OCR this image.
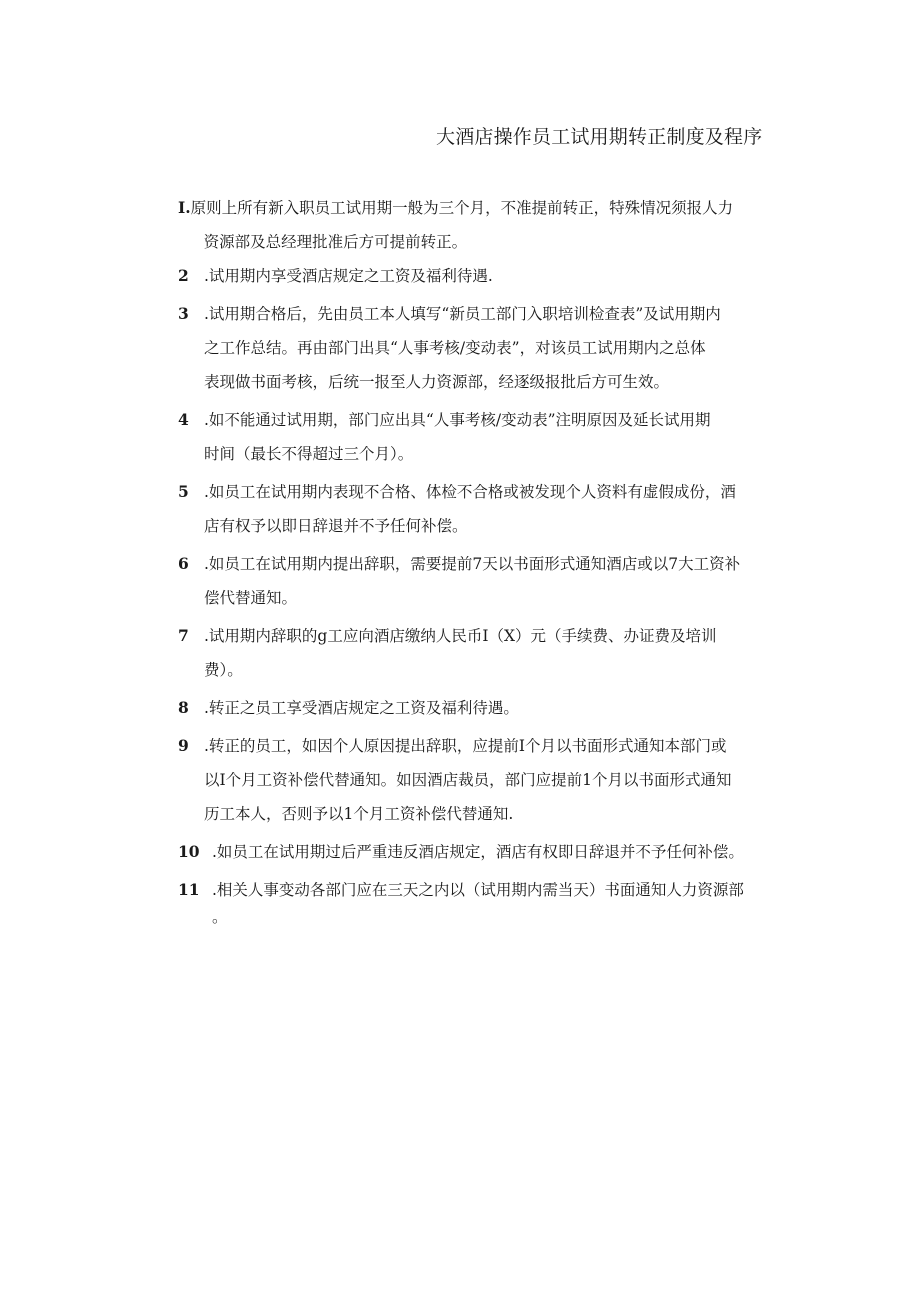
大酒店操作员工试用期转正制度及程序
I. 原则上所有新入职员工试用期一般为三个月，不准提前转正，特殊情况须报人力
资源部及总经理批准后方可提前转正。
2 .试用期内享受酒店规定之工资及福利待遇.
3 .试用期合格后，先由员工本人填写“新员工部门入职培训检查表”及试用期内
之工作总结。再由部门出具“人事考核/变动表”，对该员工试用期内之总体
表现做书面考核，后统一报至人力资源部，经逐级报批后方可生效。
4 .如不能通过试用期，部门应出具“人事考核/变动表”注明原因及延长试用期
时间（最长不得超过三个月）。
5 .如员工在试用期内表现不合格、体检不合格或被发现个人资料有虚假成份，酒
店有权予以即日辞退并不予任何补偿。
6 .如员工在试用期内提出辞职，需要提前7天以书面形式通知酒店或以7大工资补
偿代替通知。
7 .试用期内辞职的g工应向酒店缴纳人民币I（X）元（手续费、办证费及培训
费）。
8 .转正之员工享受酒店规定之工资及福利待遇。
9 .转正的员工，如因个人原因提出辞职，应提前I个月以书面形式通知本部门或
以I个月工资补偿代替通知。如因酒店裁员，部门应提前1个月以书面形式通知
历工本人，否则予以1个月工资补偿代替通知.
10 .如员工在试用期过后严重违反酒店规定，酒店有权即日辞退并不予任何补偿。
11 .相关人事变动各部门应在三天之内以（试用期内需当天）书面通知人力资源部
。
